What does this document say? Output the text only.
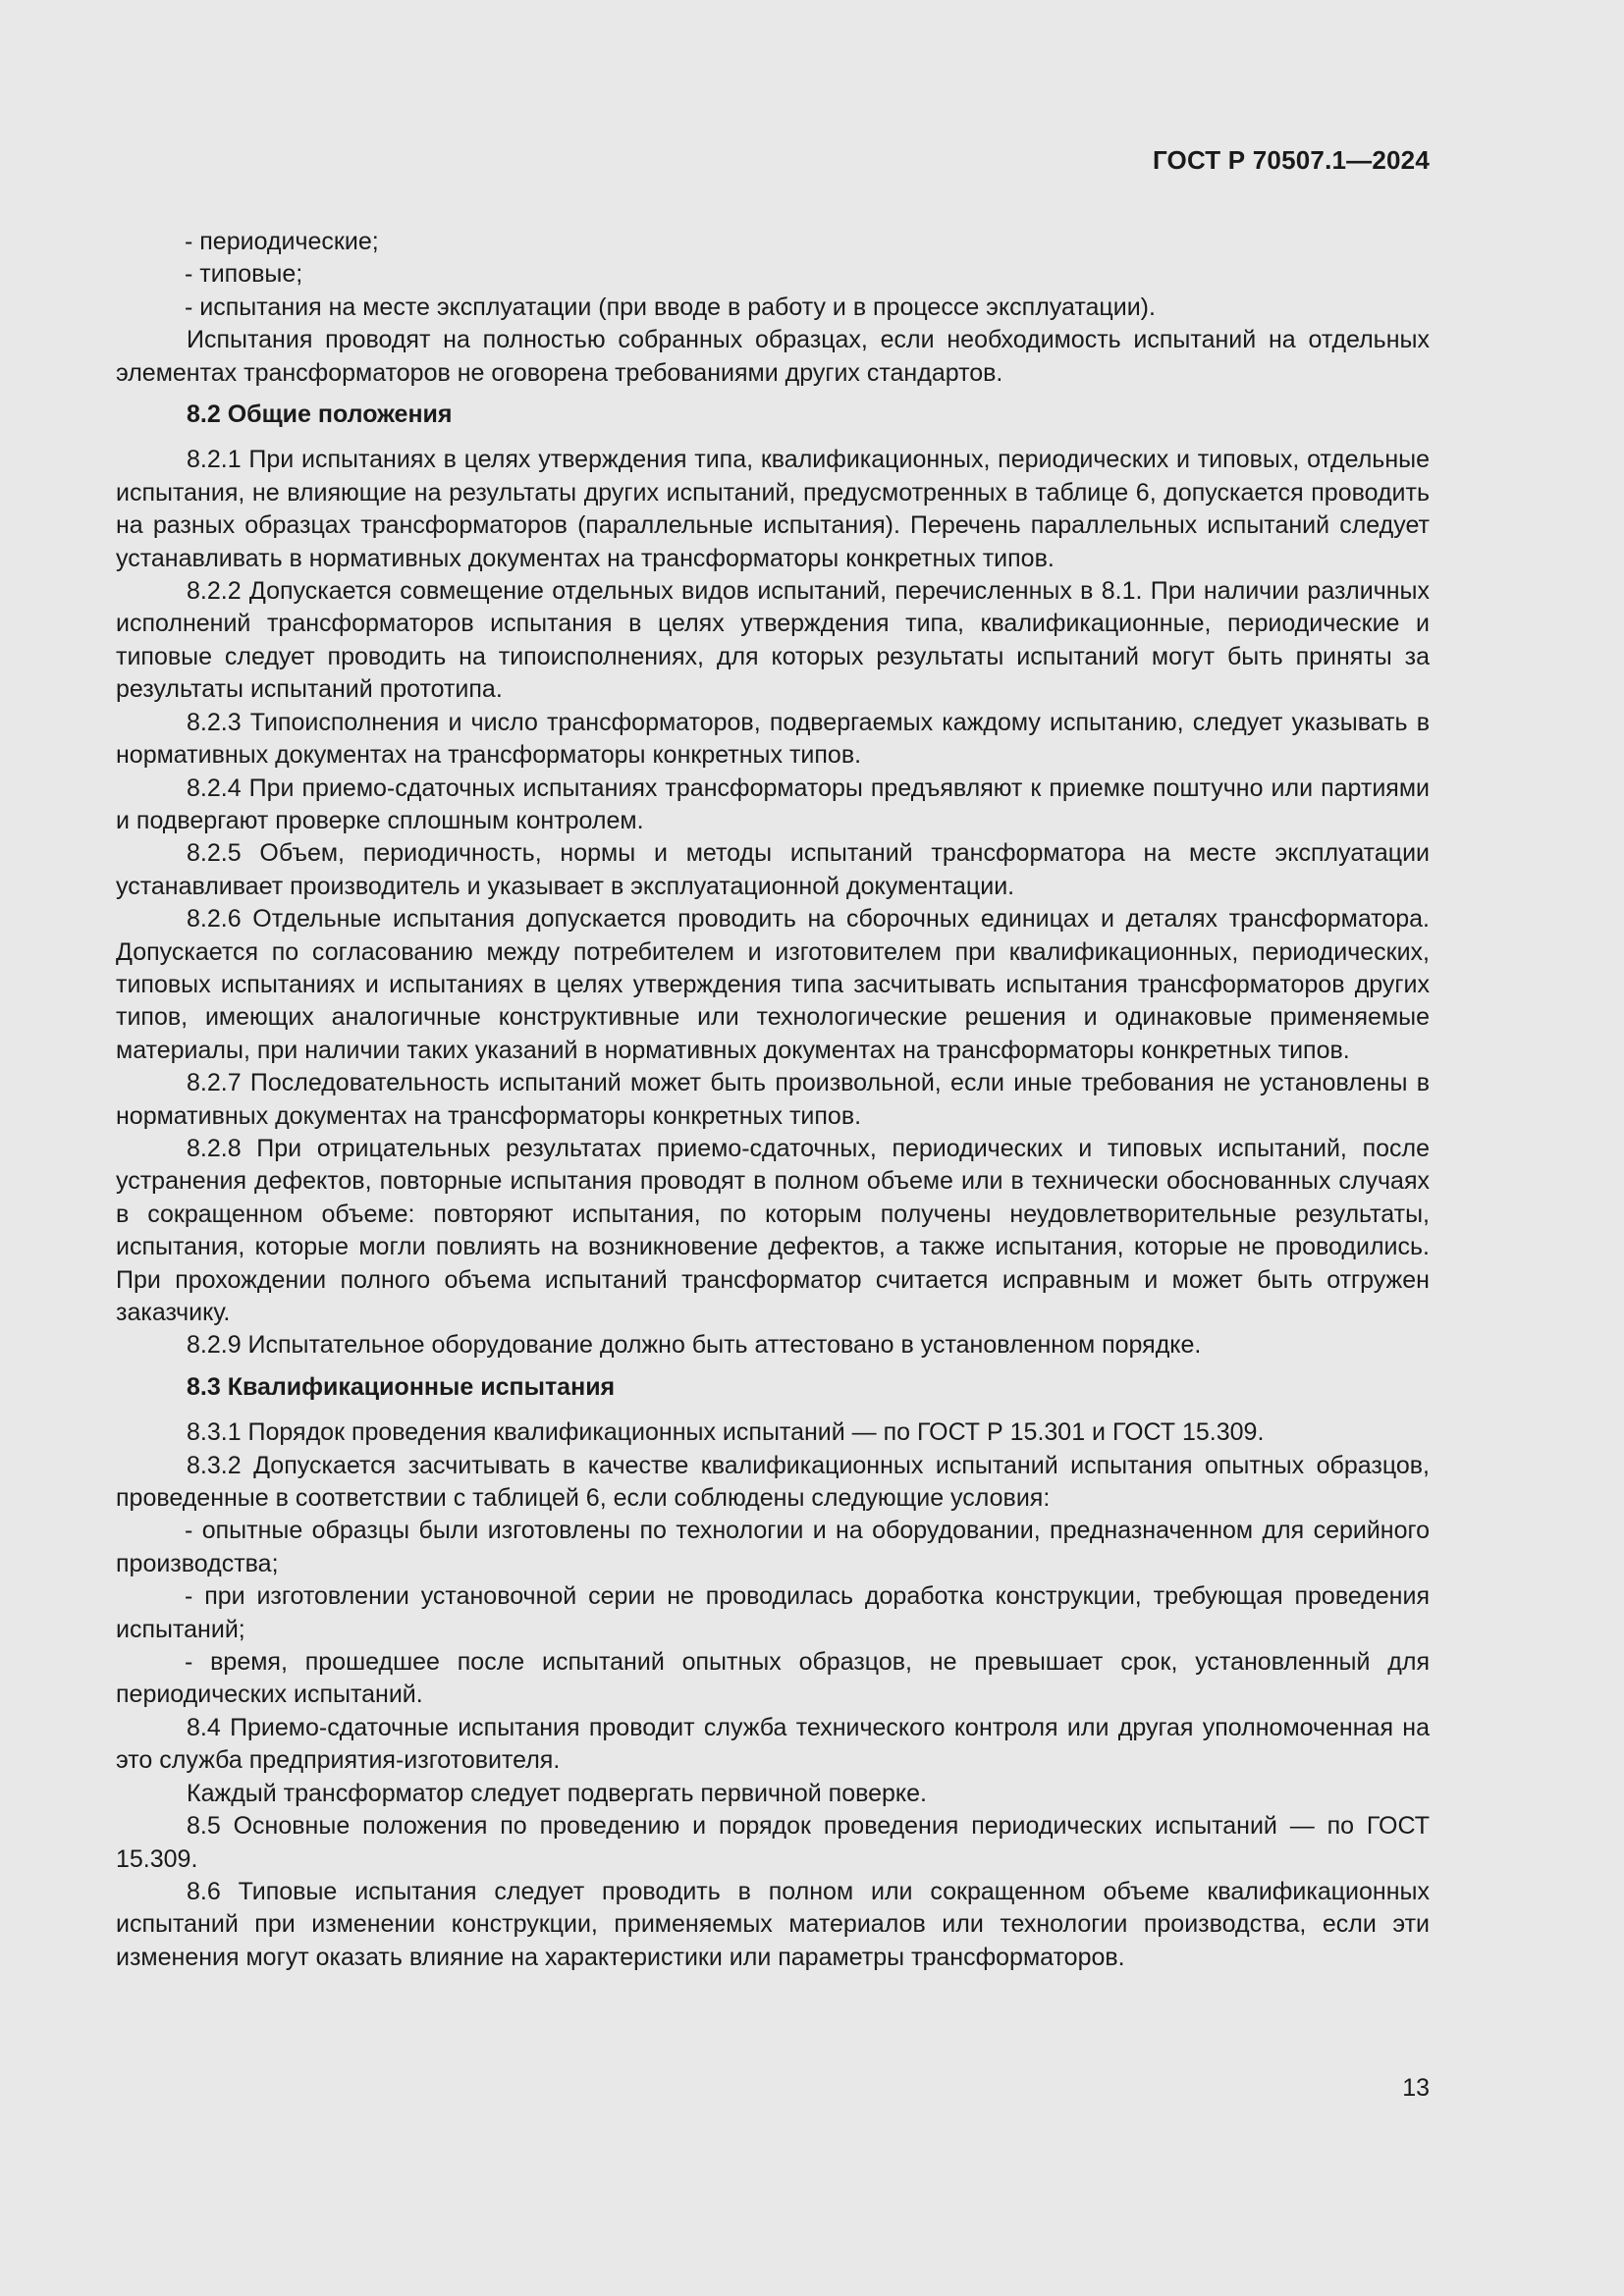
ГОСТ Р 70507.1—2024

- периодические;

- типовые;

- испытания на месте эксплуатации (при вводе в работу и в процессе эксплуатации).

Испытания проводят на полностью собранных образцах, если необходимость испытаний на отдельных элементах трансформаторов не оговорена требованиями других стандартов.

8.2 Общие положения

8.2.1 При испытаниях в целях утверждения типа, квалификационных, периодических и типовых, отдельные испытания, не влияющие на результаты других испытаний, предусмотренных в таблице 6, допускается проводить на разных образцах трансформаторов (параллельные испытания). Перечень параллельных испытаний следует устанавливать в нормативных документах на трансформаторы конкретных типов.

8.2.2 Допускается совмещение отдельных видов испытаний, перечисленных в 8.1. При наличии различных исполнений трансформаторов испытания в целях утверждения типа, квалификационные, периодические и типовые следует проводить на типоисполнениях, для которых результаты испытаний могут быть приняты за результаты испытаний прототипа.

8.2.3 Типоисполнения и число трансформаторов, подвергаемых каждому испытанию, следует указывать в нормативных документах на трансформаторы конкретных типов.

8.2.4 При приемо-сдаточных испытаниях трансформаторы предъявляют к приемке поштучно или партиями и подвергают проверке сплошным контролем.

8.2.5 Объем, периодичность, нормы и методы испытаний трансформатора на месте эксплуатации устанавливает производитель и указывает в эксплуатационной документации.

8.2.6 Отдельные испытания допускается проводить на сборочных единицах и деталях трансформатора. Допускается по согласованию между потребителем и изготовителем при квалификационных, периодических, типовых испытаниях и испытаниях в целях утверждения типа засчитывать испытания трансформаторов других типов, имеющих аналогичные конструктивные или технологические решения и одинаковые применяемые материалы, при наличии таких указаний в нормативных документах на трансформаторы конкретных типов.

8.2.7 Последовательность испытаний может быть произвольной, если иные требования не установлены в нормативных документах на трансформаторы конкретных типов.

8.2.8 При отрицательных результатах приемо-сдаточных, периодических и типовых испытаний, после устранения дефектов, повторные испытания проводят в полном объеме или в технически обоснованных случаях в сокращенном объеме: повторяют испытания, по которым получены неудовлетворительные результаты, испытания, которые могли повлиять на возникновение дефектов, а также испытания, которые не проводились. При прохождении полного объема испытаний трансформатор считается исправным и может быть отгружен заказчику.

8.2.9 Испытательное оборудование должно быть аттестовано в установленном порядке.

8.3 Квалификационные испытания

8.3.1 Порядок проведения квалификационных испытаний — по ГОСТ Р 15.301 и ГОСТ 15.309.

8.3.2 Допускается засчитывать в качестве квалификационных испытаний испытания опытных образцов, проведенные в соответствии с таблицей 6, если соблюдены следующие условия:

- опытные образцы были изготовлены по технологии и на оборудовании, предназначенном для серийного производства;

- при изготовлении установочной серии не проводилась доработка конструкции, требующая проведения испытаний;

- время, прошедшее после испытаний опытных образцов, не превышает срок, установленный для периодических испытаний.

8.4 Приемо-сдаточные испытания проводит служба технического контроля или другая уполномоченная на это служба предприятия-изготовителя.

Каждый трансформатор следует подвергать первичной поверке.

8.5 Основные положения по проведению и порядок проведения периодических испытаний — по ГОСТ 15.309.

8.6 Типовые испытания следует проводить в полном или сокращенном объеме квалификационных испытаний при изменении конструкции, применяемых материалов или технологии производства, если эти изменения могут оказать влияние на характеристики или параметры трансформаторов.

13
